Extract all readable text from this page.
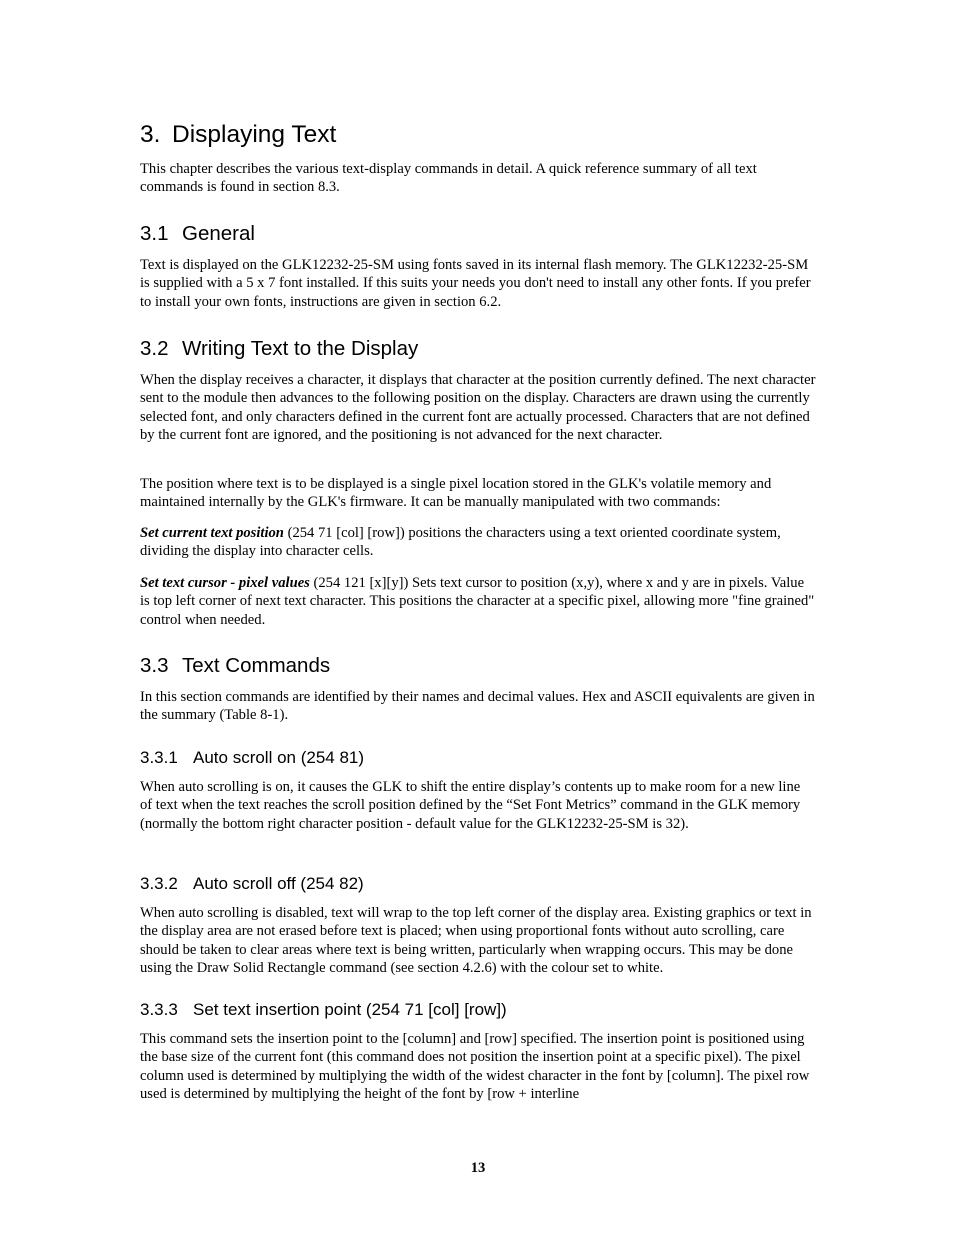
3. Displaying Text

This chapter describes the various text-display commands in detail. A quick reference summary of all text commands is found in section 8.3.

3.1 General

Text is displayed on the GLK12232-25-SM using fonts saved in its internal flash memory. The GLK12232-25-SM is supplied with a 5 x 7 font installed. If this suits your needs you don't need to install any other fonts. If you prefer to install your own fonts, instructions are given in section 6.2.

3.2 Writing Text to the Display

When the display receives a character, it displays that character at the position currently defined. The next character sent to the module then advances to the following position on the display. Characters are drawn using the currently selected font, and only characters defined in the current font are actually processed. Characters that are not defined by the current font are ignored, and the positioning is not advanced for the next character.

The position where text is to be displayed is a single pixel location stored in the GLK's volatile memory and maintained internally by the GLK's firmware. It can be manually manipulated with two commands:

Set current text position (254 71 [col] [row]) positions the characters using a text oriented coordinate system, dividing the display into character cells.

Set text cursor - pixel values (254 121 [x][y]) Sets text cursor to position (x,y), where x and y are in pixels. Value is top left corner of next text character. This positions the character at a specific pixel, allowing more "fine grained" control when needed.

3.3 Text Commands

In this section commands are identified by their names and decimal values. Hex and ASCII equivalents are given in the summary (Table 8-1).

3.3.1 Auto scroll on (254 81)

When auto scrolling is on, it causes the GLK to shift the entire display’s contents up to make room for a new line of text when the text reaches the scroll position defined by the “Set Font Metrics” command in the GLK memory (normally the bottom right character position - default value for the GLK12232-25-SM is 32).

3.3.2 Auto scroll off (254 82)

When auto scrolling is disabled, text will wrap to the top left corner of the display area. Existing graphics or text in the display area are not erased before text is placed; when using proportional fonts without auto scrolling, care should be taken to clear areas where text is being written, particularly when wrapping occurs. This may be done using the Draw Solid Rectangle command (see section 4.2.6) with the colour set to white.

3.3.3 Set text insertion point (254 71 [col] [row])

This command sets the insertion point to the [column] and [row] specified. The insertion point is positioned using the base size of the current font (this command does not position the insertion point at a specific pixel). The pixel column used is determined by multiplying the width of the widest character in the font by [column]. The pixel row used is determined by multiplying the height of the font by [row + interline

13
